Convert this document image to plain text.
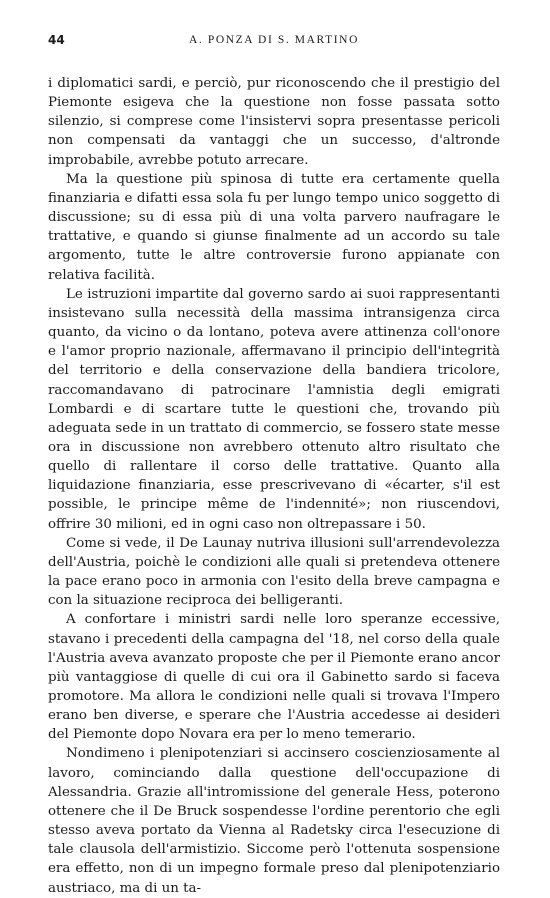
44	A. PONZA DI S. MARTINO

i diplomatici sardi, e perciò, pur riconoscendo che il prestigio del Piemonte esigeva che la questione non fosse passata sotto silenzio, si comprese come l'insistervi sopra presentasse pericoli non compensati da vantaggi che un successo, d'altronde improbabile, avrebbe potuto arrecare.

Ma la questione più spinosa di tutte era certamente quella finanziaria e difatti essa sola fu per lungo tempo unico soggetto di discussione; su di essa più di una volta parvero naufragare le trattative, e quando si giunse finalmente ad un accordo su tale argomento, tutte le altre controversie furono appianate con relativa facilità.

Le istruzioni impartite dal governo sardo ai suoi rappresentanti insistevano sulla necessità della massima intransigenza circa quanto, da vicino o da lontano, poteva avere attinenza coll'onore e l'amor proprio nazionale, affermavano il principio dell'integrità del territorio e della conservazione della bandiera tricolore, raccomandavano di patrocinare l'amnistia degli emigrati Lombardi e di scartare tutte le questioni che, trovando più adeguata sede in un trattato di commercio, se fossero state messe ora in discussione non avrebbero ottenuto altro risultato che quello di rallentare il corso delle trattative. Quanto alla liquidazione finanziaria, esse prescrivevano di «écarter, s'il est possible, le principe même de l'indennité»; non riuscendovi, offrire 30 milioni, ed in ogni caso non oltrepassare i 50.

Come si vede, il De Launay nutriva illusioni sull'arrendevolezza dell'Austria, poichè le condizioni alle quali si pretendeva ottenere la pace erano poco in armonia con l'esito della breve campagna e con la situazione reciproca dei belligeranti.

A confortare i ministri sardi nelle loro speranze eccessive, stavano i precedenti della campagna del '18, nel corso della quale l'Austria aveva avanzato proposte che per il Piemonte erano ancor più vantaggiose di quelle di cui ora il Gabinetto sardo si faceva promotore. Ma allora le condizioni nelle quali si trovava l'Impero erano ben diverse, e sperare che l'Austria accedesse ai desideri del Piemonte dopo Novara era per lo meno temerario.

Nondimeno i plenipotenziari si accinsero coscienziosamente al lavoro, cominciando dalla questione dell'occupazione di Alessandria. Grazie all'intromissione del generale Hess, poterono ottenere che il De Bruck sospendesse l'ordine perentorio che egli stesso aveva portato da Vienna al Radetsky circa l'esecuzione di tale clausola dell'armistizio. Siccome però l'ottenuta sospensione era effetto, non di un impegno formale preso dal plenipotenziario austriaco, ma di un ta-
